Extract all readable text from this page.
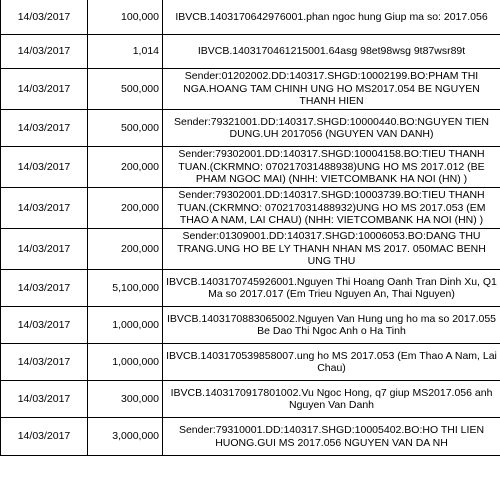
14/03/2017	100,000	IBVCB.1403170642976001.phan ngoc hung Giup ma so: 2017.056
14/03/2017	1,014	IBVCB.1403170461215001.64asg 98et98wsg 9t87wsr89t
14/03/2017	500,000	Sender:01202002.DD:140317.SHGD:10002199.BO:PHAM THI NGA.HOANG TAM CHINH UNG HO MS2017.054 BE NGUYEN THANH HIEN
14/03/2017	500,000	Sender:79321001.DD:140317.SHGD:10000440.BO:NGUYEN TIEN DUNG.UH 2017056 (NGUYEN VAN DANH)
14/03/2017	200,000	Sender:79302001.DD:140317.SHGD:10004158.BO:TIEU THANH TUAN.(CKRMNO: 070217031488938)UNG HO MS 2017.012 (BE PHAM NGOC MAI) (NHH: VIETCOMBANK HA NOI (HN) )
14/03/2017	200,000	Sender:79302001.DD:140317.SHGD:10003739.BO:TIEU THANH TUAN.(CKRMNO: 070217031488932)UNG HO MS 2017.053 (EM THAO A NAM, LAI CHAU) (NHH: VIETCOMBANK HA NOI (HN) )
14/03/2017	200,000	Sender:01309001.DD:140317.SHGD:10006053.BO:DANG THU TRANG.UNG HO BE LY THANH NHAN MS 2017. 050MAC BENH UNG THU
14/03/2017	5,100,000	IBVCB.1403170745926001.Nguyen Thi Hoang Oanh Tran Dinh Xu, Q1 Ma so 2017.017 (Em Trieu Nguyen An, Thai Nguyen)
14/03/2017	1,000,000	IBVCB.1403170883065002.Nguyen Van Hung ung ho ma so 2017.055 Be Dao Thi Ngoc Anh o Ha Tinh
14/03/2017	1,000,000	IBVCB.1403170539858007.ung ho MS 2017.053 (Em Thao A Nam, Lai Chau)
14/03/2017	300,000	IBVCB.1403170917801002.Vu Ngoc Hong, q7 giup MS2017.056 anh Nguyen Van Danh
14/03/2017	3,000,000	Sender:79310001.DD:140317.SHGD:10005402.BO:HO THI LIEN HUONG.GUI MS 2017.056 NGUYEN VAN DA NH
